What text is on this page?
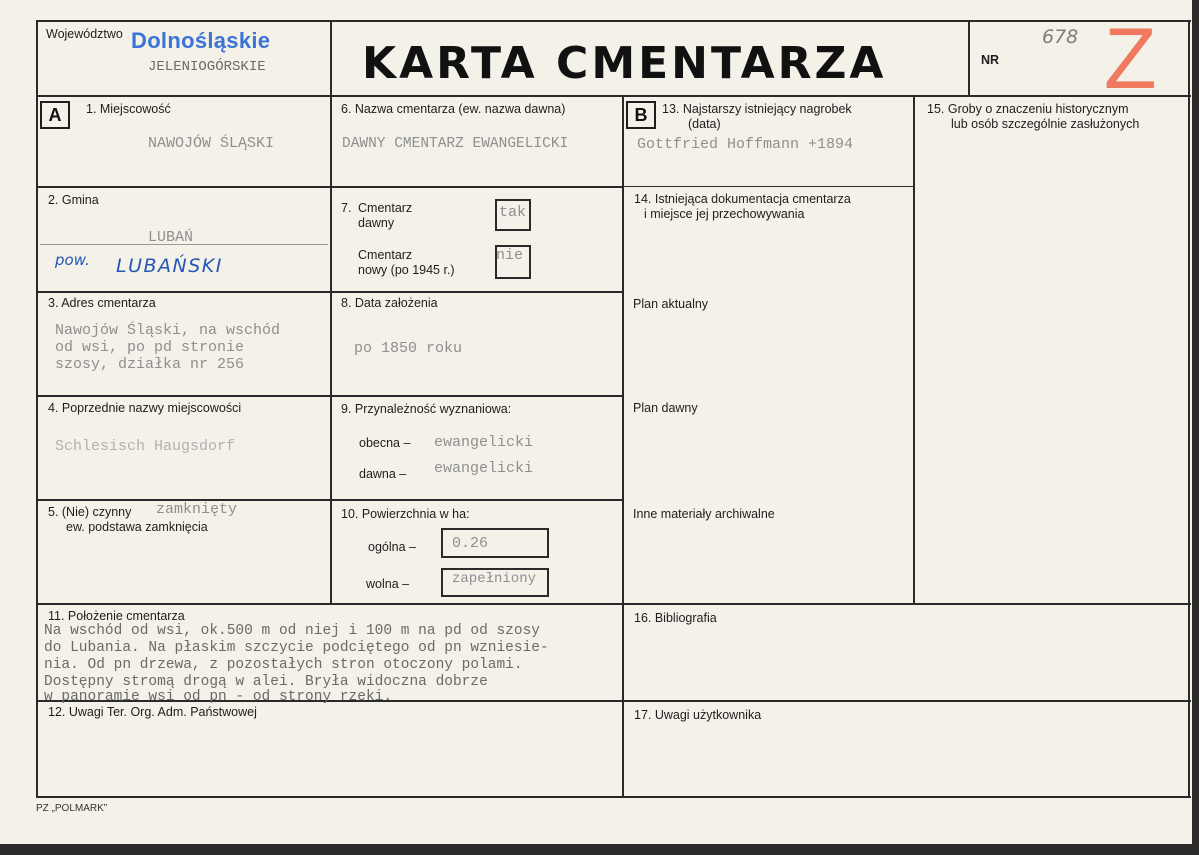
Województwo Dolnośląskie
JELENIOGÓRSKIE KARTA CMENTARZA	NR
678 Z
A	B
1. Miejscowość
NAWOJÓW ŚLĄSKI
2. Gmina
LUBAŃ
pow. LUBAŃSKI
3. Adres cmentarza
Nawojów Śląski, na wschód
od wsi, po pd stronie
szosy, działka nr 256
4. Poprzednie nazwy miejscowości
Schlesisch Haugsdorf
5. (Nie) czynny
ew. podstawa zamknięcia
zamknięty
6. Nazwa cmentarza (ew. nazwa dawna)
DAWNY CMENTARZ EWANGELICKI
7. Cmentarz
dawny
tak
Cmentarz
nowy (po 1945 r.)
nie
8. Data założenia
po 1850 roku
9. Przynależność wyznaniowa:
obecna – ewangelicki
dawna – ewangelicki
10. Powierzchnia w ha:
ogólna – 0.26
wolna –	zapełniony
11. Położenie cmentarza
Na wschód od wsi, ok.500 m od niej i 100 m na pd od szosy
do Lubania. Na płaskim szczycie podciętego od pn wzniesie-
nia. Od pn drzewa, z pozostałych stron otoczony polami.
Dostępny stromą drogą w alei. Bryła widoczna dobrze
w panoramie wsi od pn - od strony rzeki.
12. Uwagi Ter. Org. Adm. Państwowej
13. Najstarszy istniejący nagrobek
(data)
Gottfried Hoffmann +1894
14. Istniejąca dokumentacja cmentarza
i miejsce jej przechowywania
Plan aktualny
Plan dawny
Inne materiały archiwalne
15. Groby o znaczeniu historycznym
lub osób szczególnie zasłużonych
16. Bibliografia
17. Uwagi użytkownika
PZ „POLMARK”
